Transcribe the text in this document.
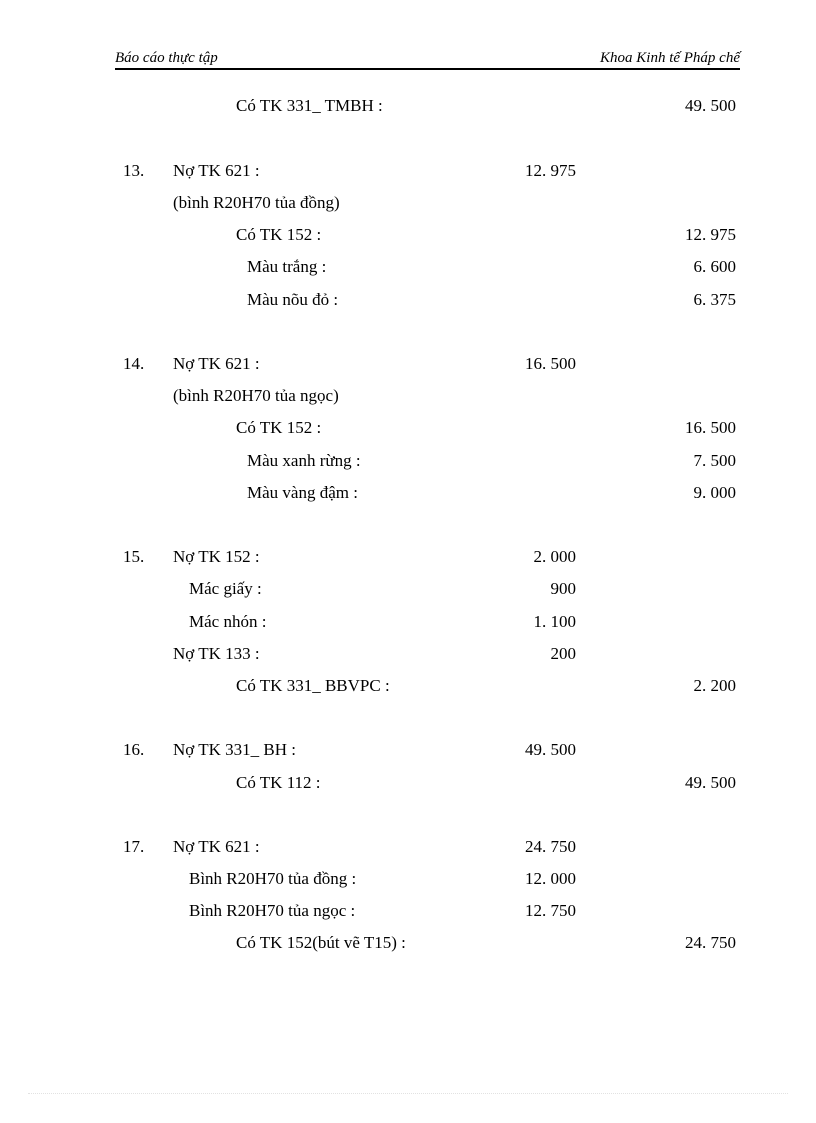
Báo cáo thực tập	Khoa Kinh tế Pháp chế
Có TK 331_ TMBH :	49. 500
13. Nợ TK 621 :	12. 975
(bình R20H70 tủa đồng)
Có TK 152 :	12. 975
Màu trắng :	6. 600
Màu nõu đỏ :	6. 375
14. Nợ TK 621 :	16. 500
(bình R20H70 tủa ngọc)
Có TK 152 :	16. 500
Màu xanh rừng :	7. 500
Màu vàng đậm :	9. 000
15. Nợ TK 152 :	2. 000
Mác giấy :	900
Mác nhón :	1. 100
Nợ TK 133 :	200
Có TK 331_ BBVPC :	2. 200
16. Nợ TK 331_ BH :	49. 500
Có TK 112 :	49. 500
17. Nợ TK 621 :	24. 750
Bình R20H70 tủa đồng :	12. 000
Bình R20H70 tủa ngọc :	12. 750
Có TK 152(bút vẽ T15) :	24. 750
